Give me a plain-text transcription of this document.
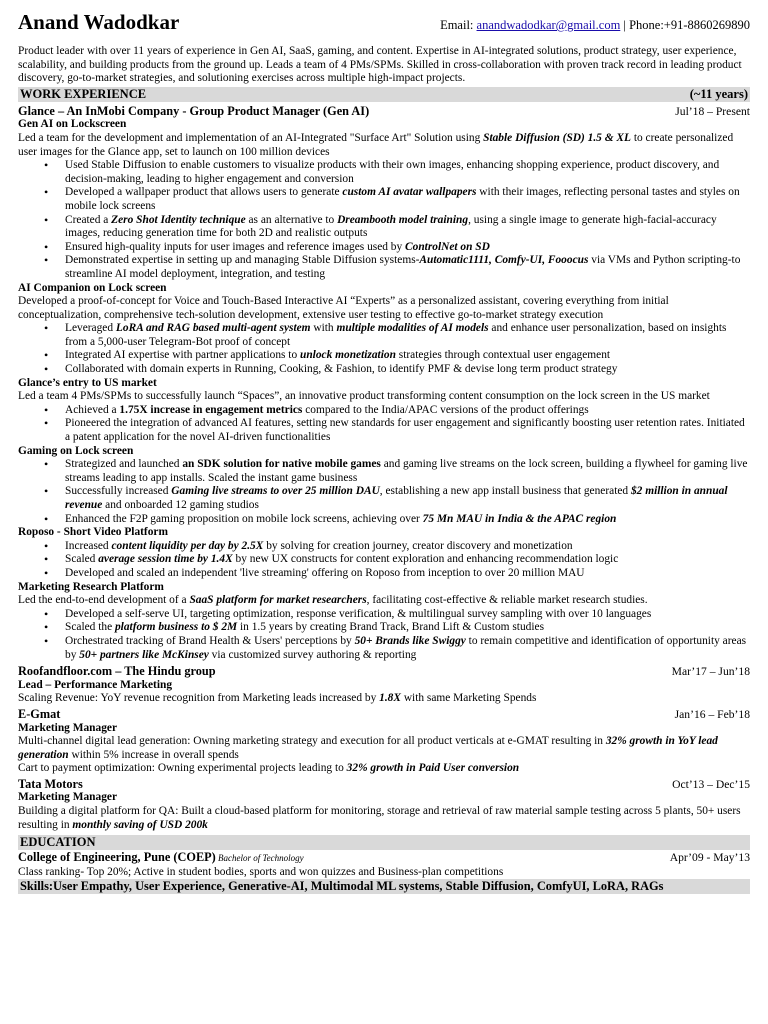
Anand Wadodkar	Email: anandwadodkar@gmail.com | Phone:+91-8860269890

Product leader with over 11 years of experience in Gen AI, SaaS, gaming, and content. Expertise in AI-integrated solutions, product strategy, user experience, scalability, and building products from the ground up. Leads a team of 4 PMs/SPMs. Skilled in cross-collaboration with proven track record in leading product discovery, go-to-market strategies, and solutioning exercises across multiple high-impact projects.

WORK EXPERIENCE	(~11 years)
Glance – An InMobi Company - Group Product Manager (Gen AI)	Jul’18 – Present
Gen AI on Lockscreen

Led a team for the development and implementation of an AI-Integrated "Surface Art" Solution using Stable Diffusion (SD) 1.5 & XL to create personalized user images for the Glance app, set to launch on 100 million devices

• Used Stable Diffusion to enable customers to visualize products with their own images, enhancing shopping experience, product discovery, and decision-making, leading to higher engagement and conversion
• Developed a wallpaper product that allows users to generate custom AI avatar wallpapers with their images, reflecting personal tastes and styles on mobile lock screens
• Created a Zero Shot Identity technique as an alternative to Dreambooth model training, using a single image to generate high-facial-accuracy images, reducing generation time for both 2D and realistic outputs
• Ensured high-quality inputs for user images and reference images used by ControlNet on SD
• Demonstrated expertise in setting up and managing Stable Diffusion systems-Automatic1111, Comfy-UI, Fooocus via VMs and Python scripting-to streamline AI model deployment, integration, and testing
AI Companion on Lock screen

Developed a proof-of-concept for Voice and Touch-Based Interactive AI “Experts” as a personalized assistant, covering everything from initial conceptualization, comprehensive tech-solution development, extensive user testing to effective go-to-market strategy execution

• Leveraged LoRA and RAG based multi-agent system with multiple modalities of AI models and enhance user personalization, based on insights from a 5,000-user Telegram-Bot proof of concept
• Integrated AI expertise with partner applications to unlock monetization strategies through contextual user engagement
• Collaborated with domain experts in Running, Cooking, & Fashion, to identify PMF & devise long term product strategy
Glance’s entry to US market

Led a team 4 PMs/SPMs to successfully launch “Spaces”, an innovative product transforming content consumption on the lock screen in the US market

• Achieved a 1.75X increase in engagement metrics compared to the India/APAC versions of the product offerings
• Pioneered the integration of advanced AI features, setting new standards for user engagement and significantly boosting user retention rates. Initiated a patent application for the novel AI-driven functionalities
Gaming on Lock screen
• Strategized and launched an SDK solution for native mobile games and gaming live streams on the lock screen, building a flywheel for gaming live streams leading to app installs. Scaled the instant game business
• Successfully increased Gaming live streams to over 25 million DAU, establishing a new app install business that generated $2 million in annual revenue and onboarded 12 gaming studios
• Enhanced the F2P gaming proposition on mobile lock screens, achieving over 75 Mn MAU in India & the APAC region
Roposo - Short Video Platform
• Increased content liquidity per day by 2.5X by solving for creation journey, creator discovery and monetization
• Scaled average session time by 1.4X by new UX constructs for content exploration and enhancing recommendation logic
• Developed and scaled an independent 'live streaming' offering on Roposo from inception to over 20 million MAU
Marketing Research Platform

Led the end-to-end development of a SaaS platform for market researchers, facilitating cost-effective & reliable market research studies.

• Developed a self-serve UI, targeting optimization, response verification, & multilingual survey sampling with over 10 languages
• Scaled the platform business to $ 2M in 1.5 years by creating Brand Track, Brand Lift & Custom studies
• Orchestrated tracking of Brand Health & Users' perceptions by 50+ Brands like Swiggy to remain competitive and identification of opportunity areas by 50+ partners like McKinsey via customized survey authoring & reporting
Roofandfloor.com – The Hindu group	Mar’17 – Jun’18
Lead – Performance Marketing

Scaling Revenue: YoY revenue recognition from Marketing leads increased by 1.8X with same Marketing Spends

E-Gmat	Jan’16 – Feb’18
Marketing Manager

Multi-channel digital lead generation: Owning marketing strategy and execution for all product verticals at e-GMAT resulting in 32% growth in YoY lead generation within 5% increase in overall spends

Cart to payment optimization: Owning experimental projects leading to 32% growth in Paid User conversion

Tata Motors	Oct’13 – Dec’15
Marketing Manager

Building a digital platform for QA: Built a cloud-based platform for monitoring, storage and retrieval of raw material sample testing across 5 plants, 50+ users resulting in monthly saving of USD 200k

EDUCATION
College of Engineering, Pune (COEP) Bachelor of Technology	Apr’09 - May’13

Class ranking- Top 20%; Active in student bodies, sports and won quizzes and Business-plan competitions

Skills:User Empathy, User Experience, Generative-AI, Multimodal ML systems, Stable Diffusion, ComfyUI, LoRA, RAGs
